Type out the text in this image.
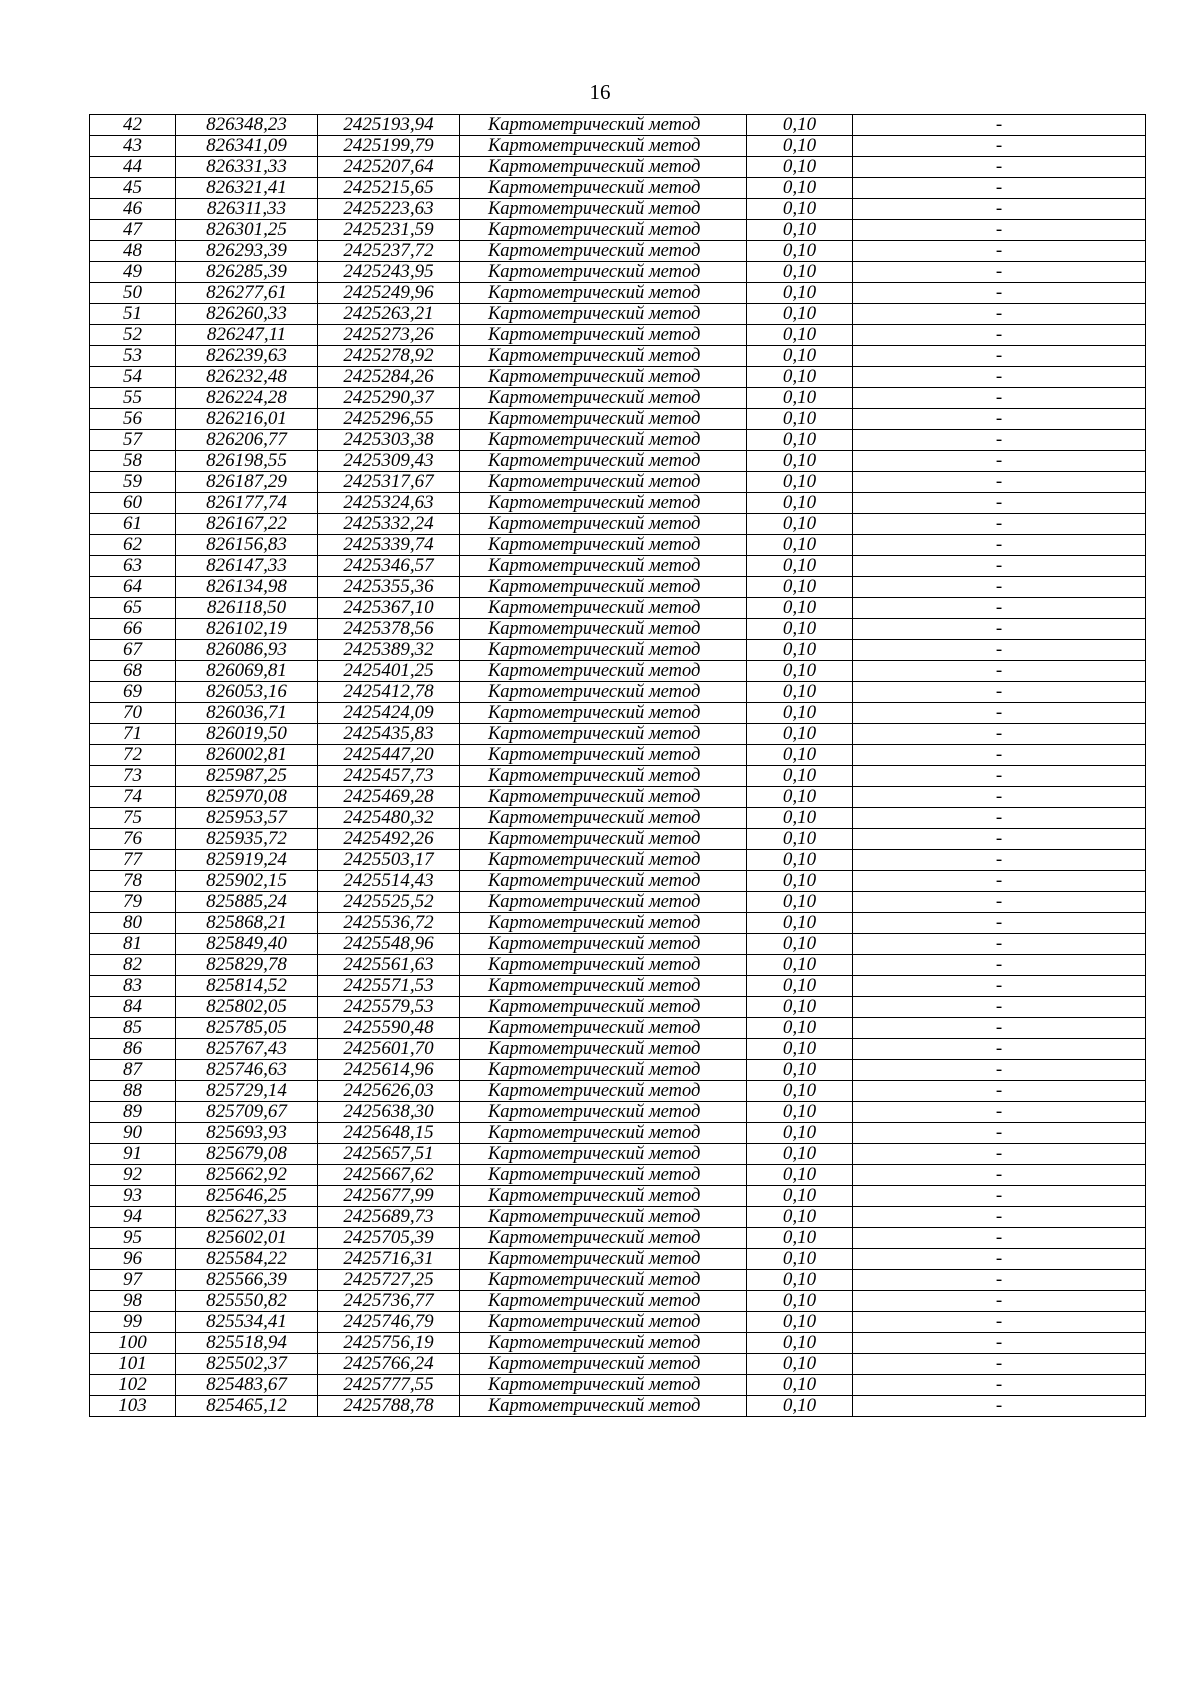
16
42	826348,23	2425193,94	Картометрический метод	0,10	-
43	826341,09	2425199,79	Картометрический метод	0,10	-
44	826331,33	2425207,64	Картометрический метод	0,10	-
45	826321,41	2425215,65	Картометрический метод	0,10	-
46	826311,33	2425223,63	Картометрический метод	0,10	-
47	826301,25	2425231,59	Картометрический метод	0,10	-
48	826293,39	2425237,72	Картометрический метод	0,10	-
49	826285,39	2425243,95	Картометрический метод	0,10	-
50	826277,61	2425249,96	Картометрический метод	0,10	-
51	826260,33	2425263,21	Картометрический метод	0,10	-
52	826247,11	2425273,26	Картометрический метод	0,10	-
53	826239,63	2425278,92	Картометрический метод	0,10	-
54	826232,48	2425284,26	Картометрический метод	0,10	-
55	826224,28	2425290,37	Картометрический метод	0,10	-
56	826216,01	2425296,55	Картометрический метод	0,10	-
57	826206,77	2425303,38	Картометрический метод	0,10	-
58	826198,55	2425309,43	Картометрический метод	0,10	-
59	826187,29	2425317,67	Картометрический метод	0,10	-
60	826177,74	2425324,63	Картометрический метод	0,10	-
61	826167,22	2425332,24	Картометрический метод	0,10	-
62	826156,83	2425339,74	Картометрический метод	0,10	-
63	826147,33	2425346,57	Картометрический метод	0,10	-
64	826134,98	2425355,36	Картометрический метод	0,10	-
65	826118,50	2425367,10	Картометрический метод	0,10	-
66	826102,19	2425378,56	Картометрический метод	0,10	-
67	826086,93	2425389,32	Картометрический метод	0,10	-
68	826069,81	2425401,25	Картометрический метод	0,10	-
69	826053,16	2425412,78	Картометрический метод	0,10	-
70	826036,71	2425424,09	Картометрический метод	0,10	-
71	826019,50	2425435,83	Картометрический метод	0,10	-
72	826002,81	2425447,20	Картометрический метод	0,10	-
73	825987,25	2425457,73	Картометрический метод	0,10	-
74	825970,08	2425469,28	Картометрический метод	0,10	-
75	825953,57	2425480,32	Картометрический метод	0,10	-
76	825935,72	2425492,26	Картометрический метод	0,10	-
77	825919,24	2425503,17	Картометрический метод	0,10	-
78	825902,15	2425514,43	Картометрический метод	0,10	-
79	825885,24	2425525,52	Картометрический метод	0,10	-
80	825868,21	2425536,72	Картометрический метод	0,10	-
81	825849,40	2425548,96	Картометрический метод	0,10	-
82	825829,78	2425561,63	Картометрический метод	0,10	-
83	825814,52	2425571,53	Картометрический метод	0,10	-
84	825802,05	2425579,53	Картометрический метод	0,10	-
85	825785,05	2425590,48	Картометрический метод	0,10	-
86	825767,43	2425601,70	Картометрический метод	0,10	-
87	825746,63	2425614,96	Картометрический метод	0,10	-
88	825729,14	2425626,03	Картометрический метод	0,10	-
89	825709,67	2425638,30	Картометрический метод	0,10	-
90	825693,93	2425648,15	Картометрический метод	0,10	-
91	825679,08	2425657,51	Картометрический метод	0,10	-
92	825662,92	2425667,62	Картометрический метод	0,10	-
93	825646,25	2425677,99	Картометрический метод	0,10	-
94	825627,33	2425689,73	Картометрический метод	0,10	-
95	825602,01	2425705,39	Картометрический метод	0,10	-
96	825584,22	2425716,31	Картометрический метод	0,10	-
97	825566,39	2425727,25	Картометрический метод	0,10	-
98	825550,82	2425736,77	Картометрический метод	0,10	-
99	825534,41	2425746,79	Картометрический метод	0,10	-
100	825518,94	2425756,19	Картометрический метод	0,10	-
101	825502,37	2425766,24	Картометрический метод	0,10	-
102	825483,67	2425777,55	Картометрический метод	0,10	-
103	825465,12	2425788,78	Картометрический метод	0,10	-
